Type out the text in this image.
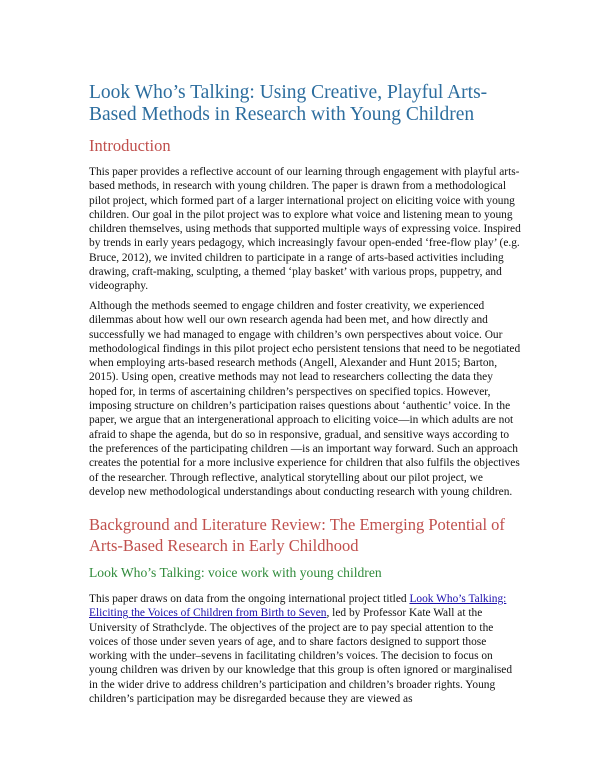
Look Who’s Talking: Using Creative, Playful Arts-Based Methods in Research with Young Children
Introduction

This paper provides a reflective account of our learning through engagement with playful arts-based methods, in research with young children. The paper is drawn from a methodological pilot project, which formed part of a larger international project on eliciting voice with young children. Our goal in the pilot project was to explore what voice and listening mean to young children themselves, using methods that supported multiple ways of expressing voice. Inspired by trends in early years pedagogy, which increasingly favour open-ended ‘free-flow play’ (e.g. Bruce, 2012), we invited children to participate in a range of arts-based activities including drawing, craft-making, sculpting, a themed ‘play basket’ with various props, puppetry, and videography.

Although the methods seemed to engage children and foster creativity, we experienced dilemmas about how well our own research agenda had been met, and how directly and successfully we had managed to engage with children’s own perspectives about voice. Our methodological findings in this pilot project echo persistent tensions that need to be negotiated when employing arts-based research methods (Angell, Alexander and Hunt 2015; Barton, 2015). Using open, creative methods may not lead to researchers collecting the data they hoped for, in terms of ascertaining children’s perspectives on specified topics. However, imposing structure on children’s participation raises questions about ‘authentic’ voice. In the paper, we argue that an intergenerational approach to eliciting voice—in which adults are not afraid to shape the agenda, but do so in responsive, gradual, and sensitive ways according to the preferences of the participating children —is an important way forward. Such an approach creates the potential for a more inclusive experience for children that also fulfils the objectives of the researcher. Through reflective, analytical storytelling about our pilot project, we develop new methodological understandings about conducting research with young children.

Background and Literature Review: The Emerging Potential of Arts-Based Research in Early Childhood
Look Who’s Talking: voice work with young children

This paper draws on data from the ongoing international project titled Look Who’s Talking: Eliciting the Voices of Children from Birth to Seven, led by Professor Kate Wall at the University of Strathclyde. The objectives of the project are to pay special attention to the voices of those under seven years of age, and to share factors designed to support those working with the under–sevens in facilitating children’s voices. The decision to focus on young children was driven by our knowledge that this group is often ignored or marginalised in the wider drive to address children’s participation and children’s broader rights. Young children’s participation may be disregarded because they are viewed as
